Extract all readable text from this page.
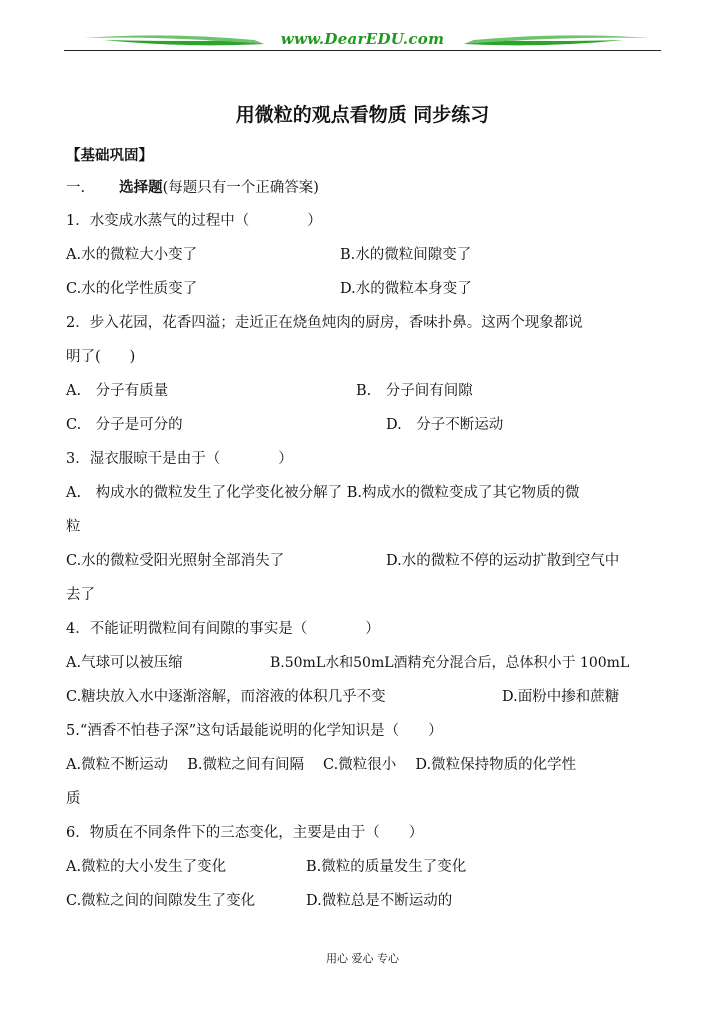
www.DearEDU.com
用微粒的观点看物质 同步练习
【基础巩固】
一. 选择题(每题只有一个正确答案)
1．水变成水蒸气的过程中（　　　　）
A.水的微粒大小变了	B.水的微粒间隙变了
C.水的化学性质变了	D.水的微粒本身变了
2．步入花园，花香四溢；走近正在烧鱼炖肉的厨房，香味扑鼻。这两个现象都说
明了(　　)
A.　分子有质量	B.　分子间有间隙
C.　分子是可分的	D.　分子不断运动
3．湿衣服晾干是由于（　　　　）
A.　构成水的微粒发生了化学变化被分解了 B.构成水的微粒变成了其它物质的微
粒
C.水的微粒受阳光照射全部消失了	D.水的微粒不停的运动扩散到空气中
去了
4．不能证明微粒间有间隙的事实是（　　　　）
A.气球可以被压缩	B.50mL水和50mL酒精充分混合后，总体积小于 100mL
C.糖块放入水中逐渐溶解，而溶液的体积几乎不变	D.面粉中掺和蔗糖
5.“酒香不怕巷子深”这句话最能说明的化学知识是（　　）
A.微粒不断运动　 B.微粒之间有间隔　 C.微粒很小　 D.微粒保持物质的化学性
质
6．物质在不同条件下的三态变化，主要是由于（　　）
A.微粒的大小发生了变化	B.微粒的质量发生了变化
C.微粒之间的间隙发生了变化	D.微粒总是不断运动的
用心 爱心 专心
